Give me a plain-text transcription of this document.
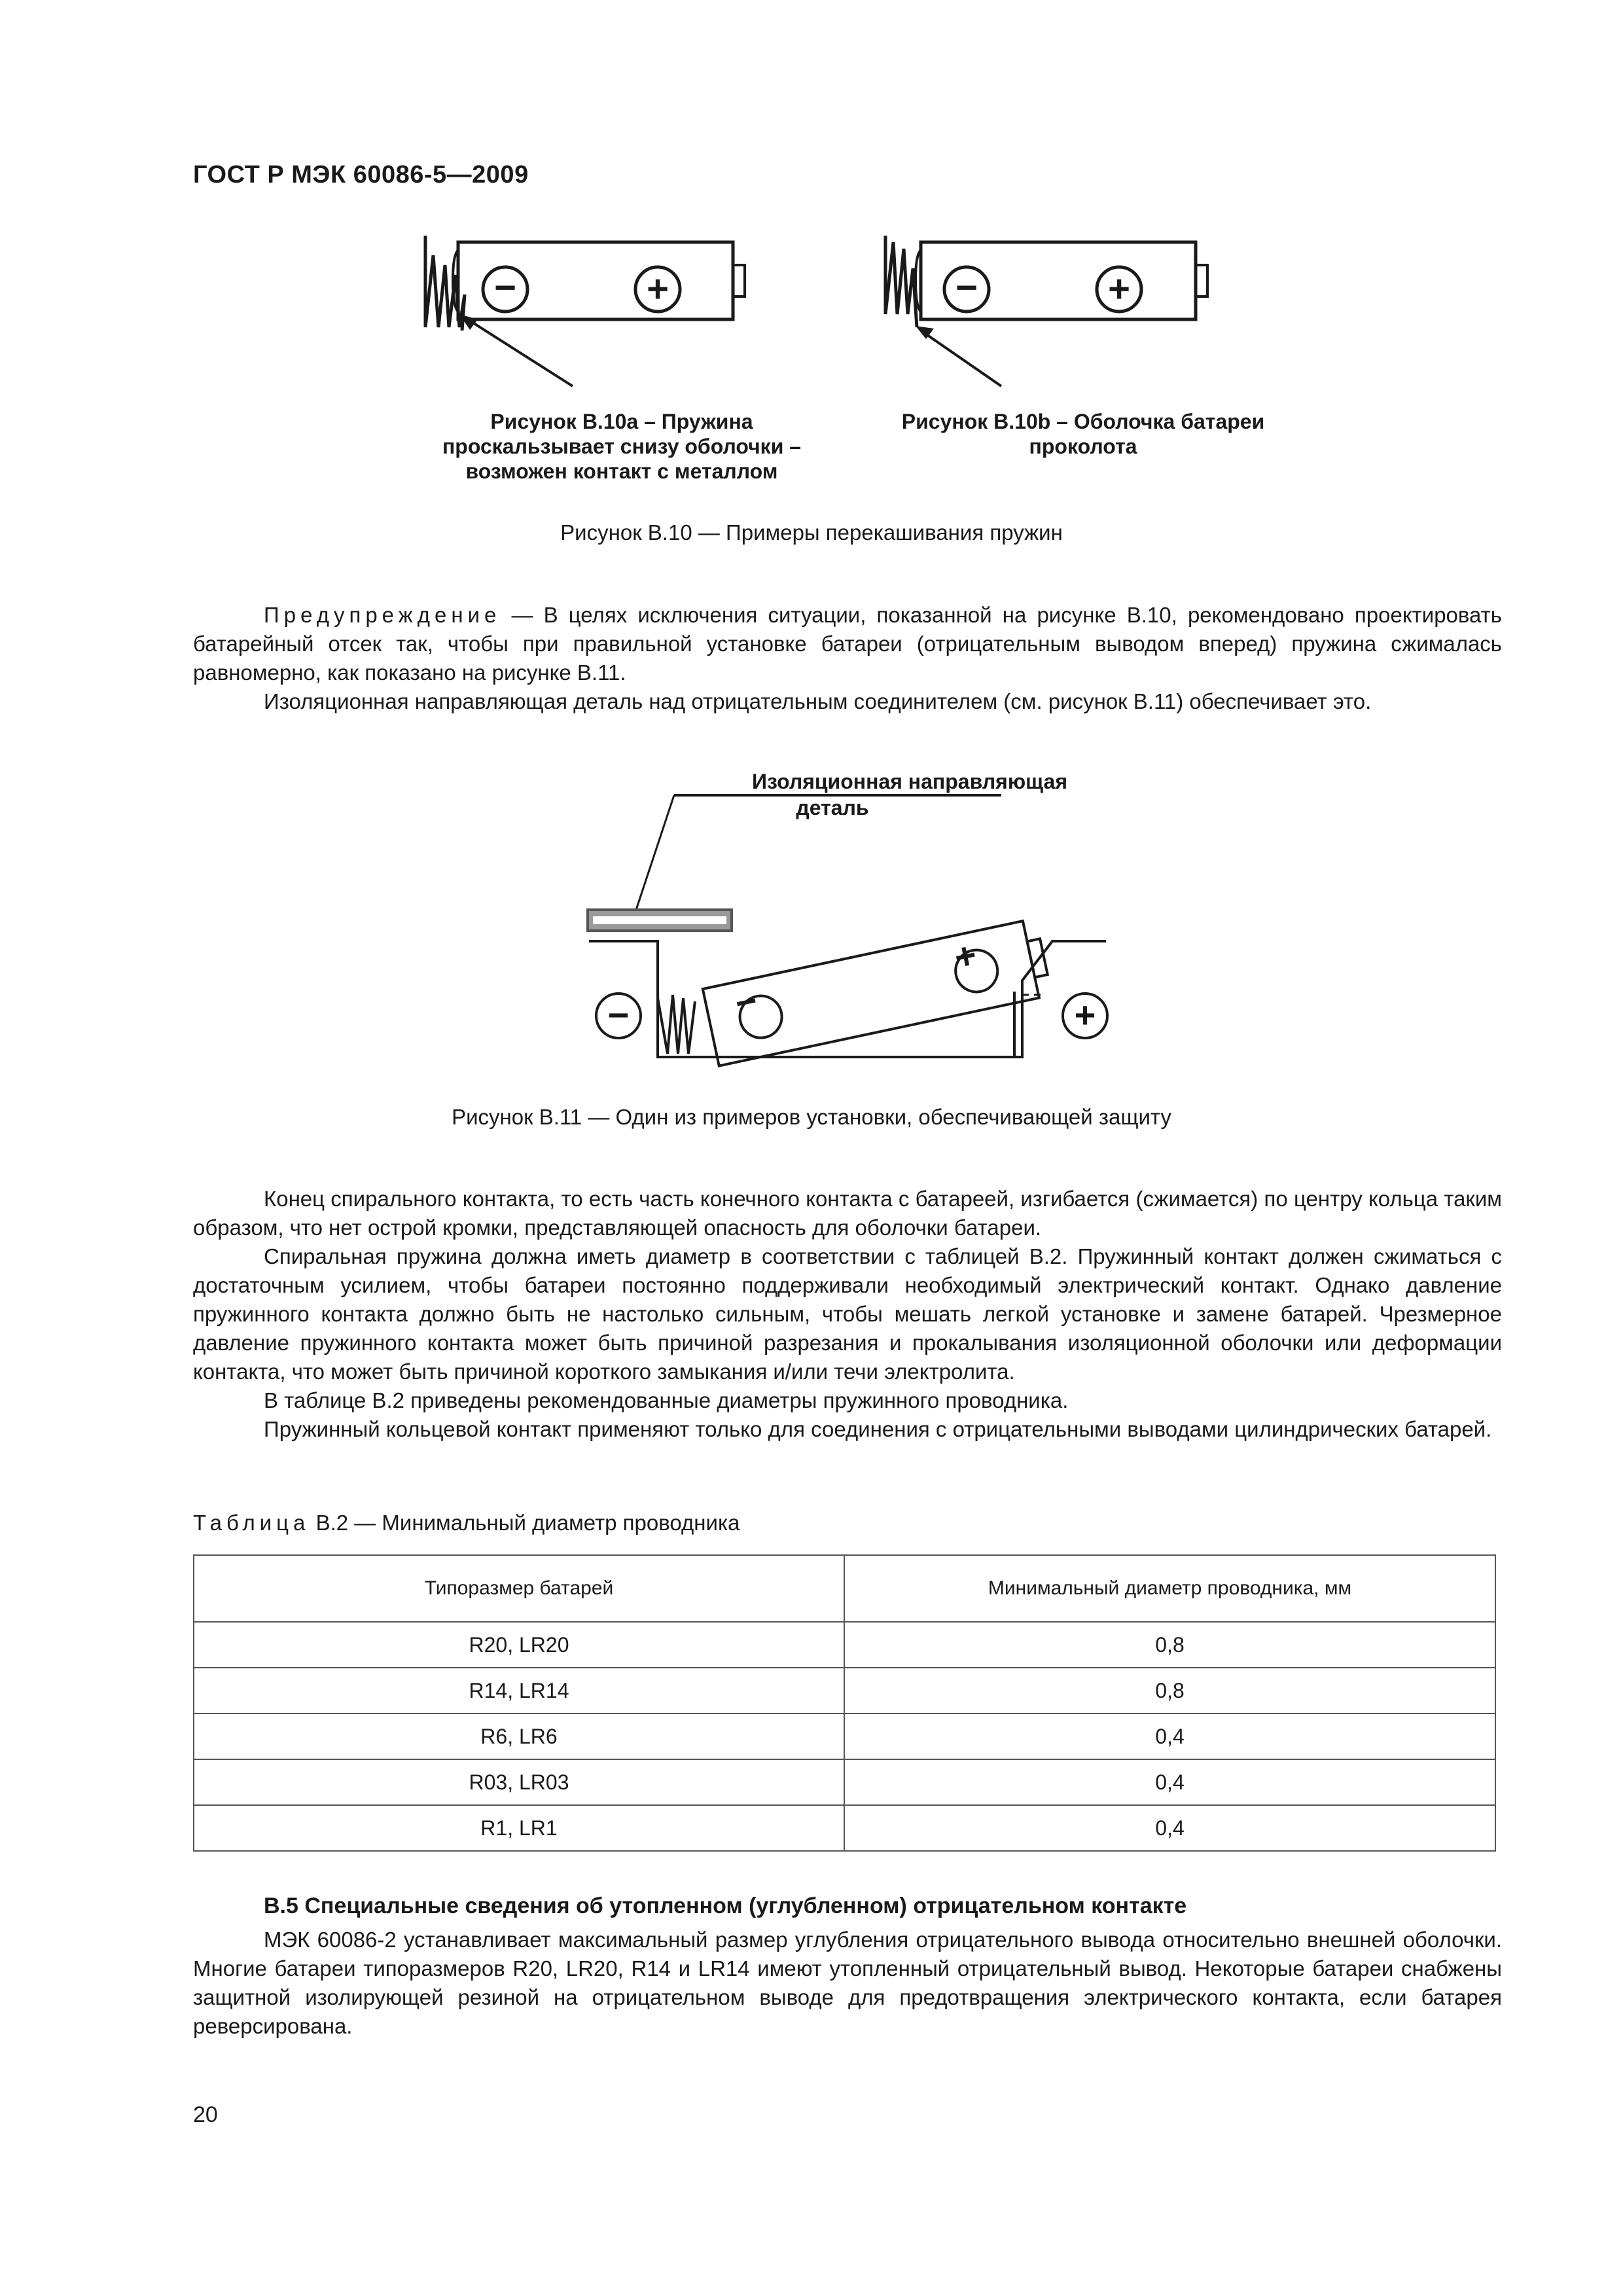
ГОСТ Р МЭК 60086-5—2009
−	+	−	+
Рисунок B.10a – Пружина
проскальзывает снизу оболочки –
возможен контакт с металлом
Рисунок B.10b – Оболочка батареи
проколота
Рисунок B.10 — Примеры перекашивания пружин

Предупреждение — В целях исключения ситуации, показанной на рисунке B.10, рекомендовано проектировать батарейный отсек так, чтобы при правильной установке батареи (отрицательным выводом вперед) пружина сжималась равномерно, как показано на рисунке B.11.

Изоляционная направляющая деталь над отрицательным соединителем (см. рисунок B.11) обеспечивает это.

Изоляционная направляющая
деталь
−
+
−	+
Рисунок B.11 — Один из примеров установки, обеспечивающей защиту

Конец спирального контакта, то есть часть конечного контакта с батареей, изгибается (сжимается) по центру кольца таким образом, что нет острой кромки, представляющей опасность для оболочки батареи.

Спиральная пружина должна иметь диаметр в соответствии с таблицей B.2. Пружинный контакт должен сжиматься с достаточным усилием, чтобы батареи постоянно поддерживали необходимый электрический контакт. Однако давление пружинного контакта должно быть не настолько сильным, чтобы мешать легкой установке и замене батарей. Чрезмерное давление пружинного контакта может быть причиной разрезания и прокалывания изоляционной оболочки или деформации контакта, что может быть причиной короткого замыкания и/или течи электролита.

В таблице B.2 приведены рекомендованные диаметры пружинного проводника.

Пружинный кольцевой контакт применяют только для соединения с отрицательными выводами цилиндрических батарей.

Таблица B.2 — Минимальный диаметр проводника
Типоразмер батарей	Минимальный диаметр проводника, мм
R20, LR20	0,8
R14, LR14	0,8
R6, LR6	0,4
R03, LR03	0,4
R1, LR1	0,4
B.5 Специальные сведения об утопленном (углубленном) отрицательном контакте

МЭК 60086-2 устанавливает максимальный размер углубления отрицательного вывода относительно внешней оболочки. Многие батареи типоразмеров R20, LR20, R14 и LR14 имеют утопленный отрицательный вывод. Некоторые батареи снабжены защитной изолирующей резиной на отрицательном выводе для предотвращения электрического контакта, если батарея реверсирована.

20
